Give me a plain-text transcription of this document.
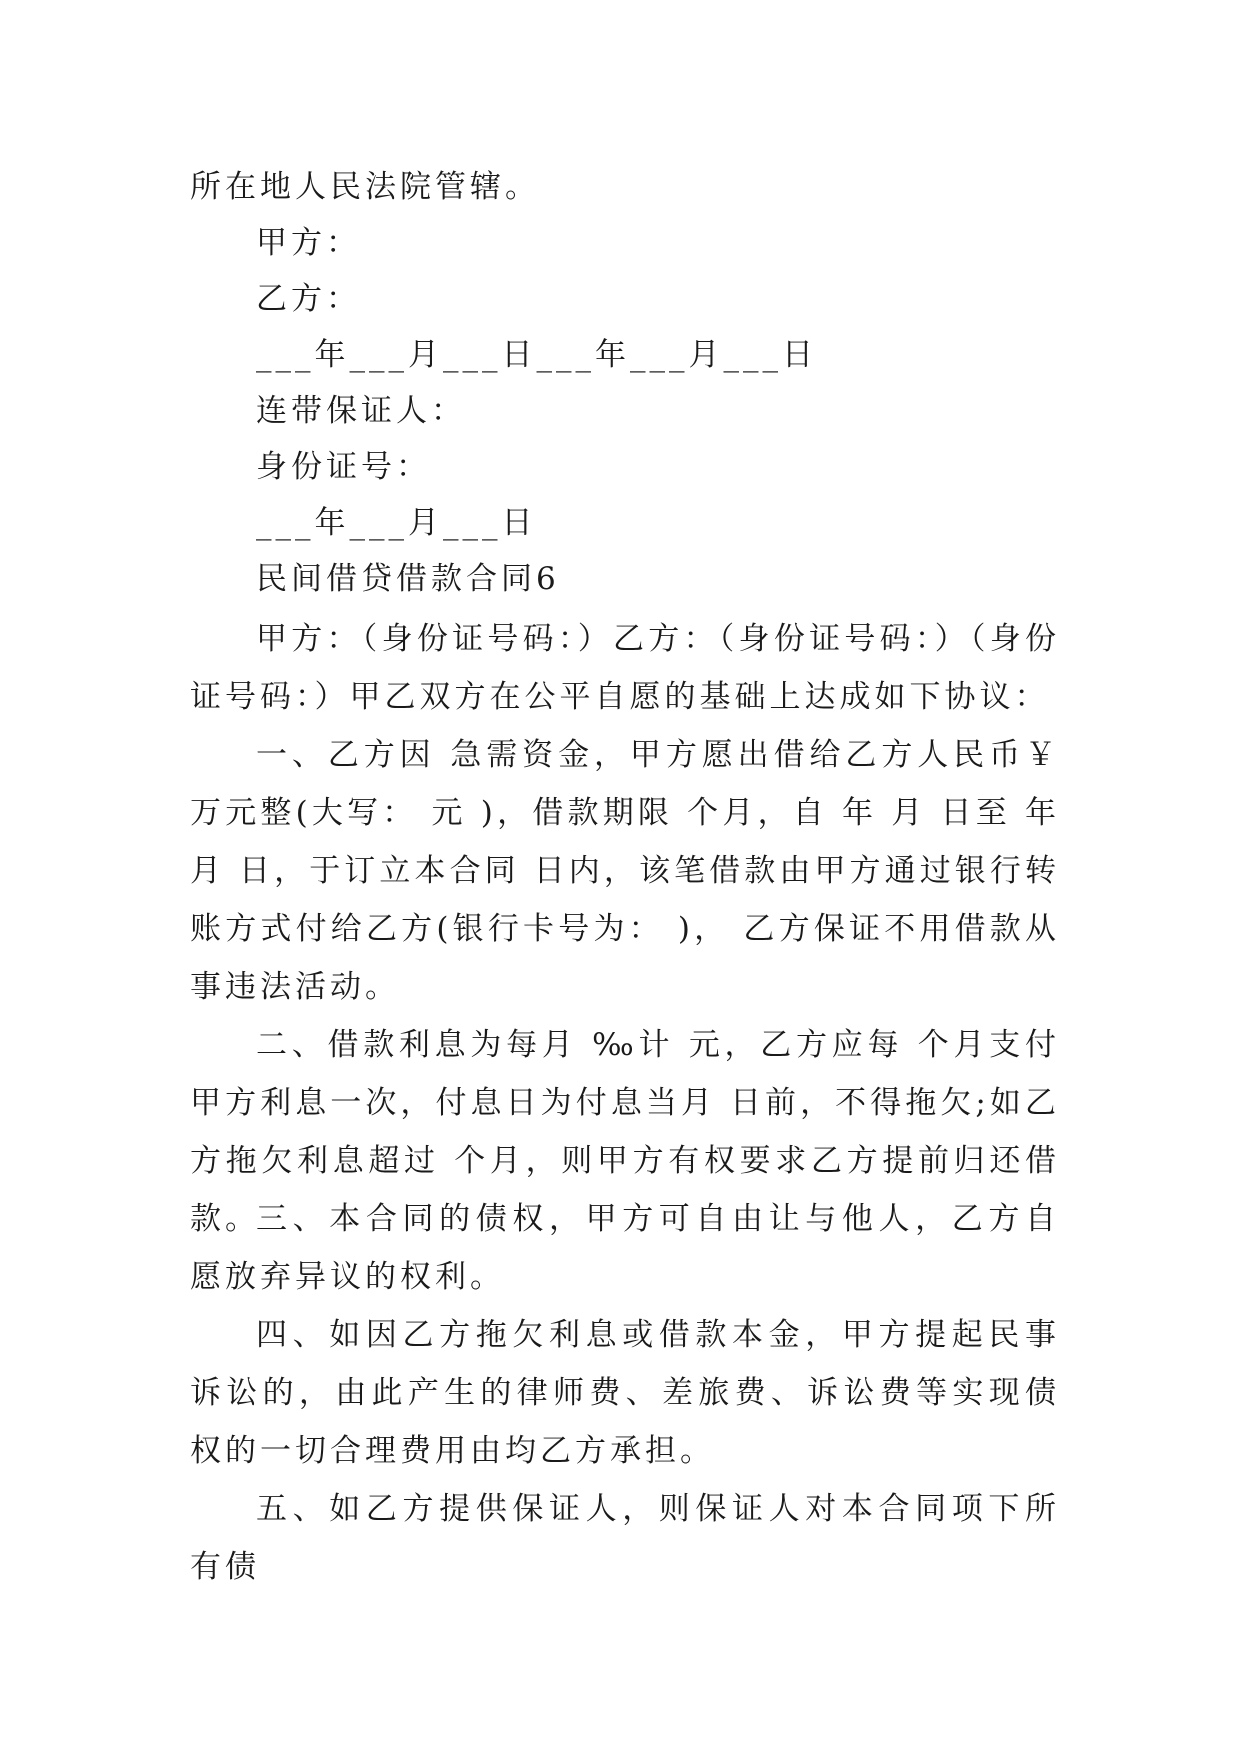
所在地人民法院管辖。

甲方：

乙方：

___年___月___日___年___月___日

连带保证人：

身份证号：

___年___月___日

民间借贷借款合同6

甲方：（身份证号码：）乙方：（身份证号码：）（身份证号码：）甲乙双方在公平自愿的基础上达成如下协议：

一、乙方因 急需资金，甲方愿出借给乙方人民币￥ 万元整(大写： 元 )，借款期限 个月，自 年 月 日至 年 月 日，于订立本合同 日内，该笔借款由甲方通过银行转账方式付给乙方(银行卡号为： )， 乙方保证不用借款从事违法活动。

二、借款利息为每月 ‰计 元，乙方应每 个月支付甲方利息一次，付息日为付息当月 日前，不得拖欠;如乙方拖欠利息超过 个月，则甲方有权要求乙方提前归还借款。

三、本合同的债权，甲方可自由让与他人，乙方自愿放弃异议的权利。

四、如因乙方拖欠利息或借款本金，甲方提起民事诉讼的，由此产生的律师费、差旅费、诉讼费等实现债权的一切合理费用由均乙方承担。

五、如乙方提供保证人，则保证人对本合同项下所有债
